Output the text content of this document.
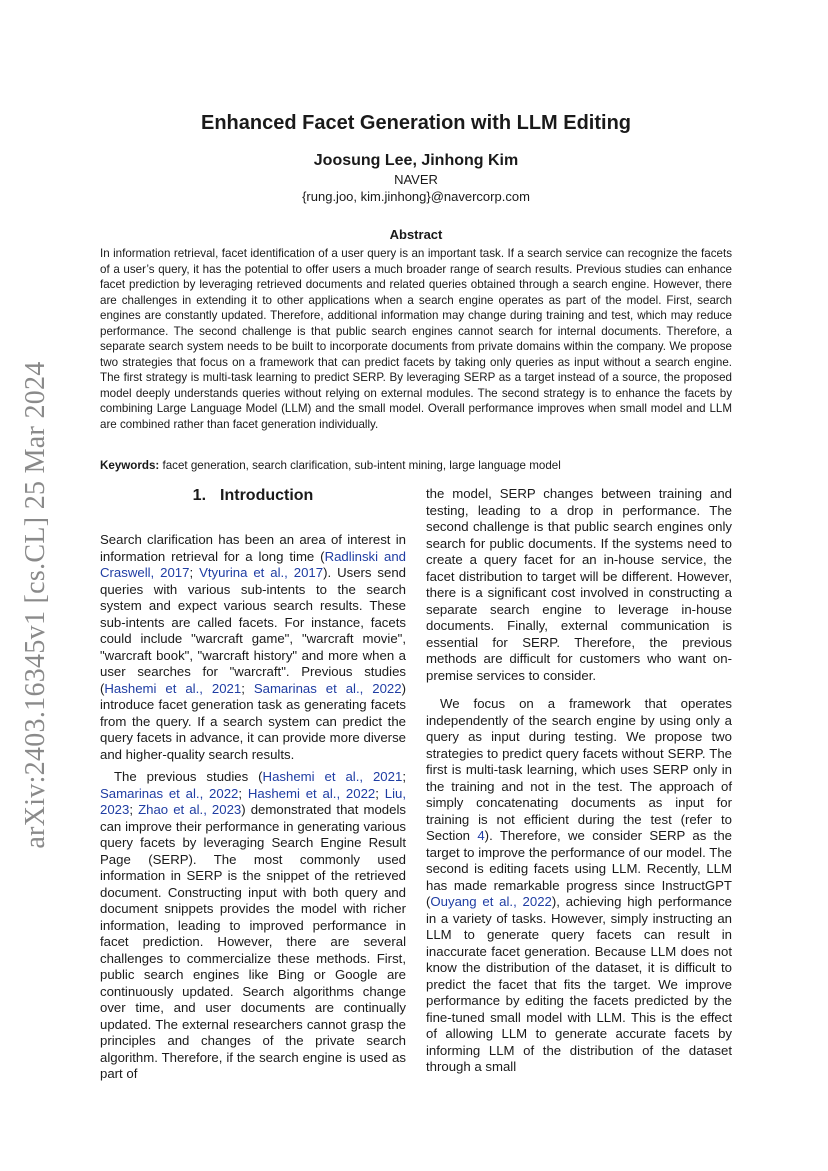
arXiv:2403.16345v1 [cs.CL] 25 Mar 2024
Enhanced Facet Generation with LLM Editing
Joosung Lee, Jinhong Kim
NAVER
{rung.joo, kim.jinhong}@navercorp.com
Abstract
In information retrieval, facet identification of a user query is an important task. If a search service can recognize the facets of a user’s query, it has the potential to offer users a much broader range of search results. Previous studies can enhance facet prediction by leveraging retrieved documents and related queries obtained through a search engine. However, there are challenges in extending it to other applications when a search engine operates as part of the model. First, search engines are constantly updated. Therefore, additional information may change during training and test, which may reduce performance. The second challenge is that public search engines cannot search for internal documents. Therefore, a separate search system needs to be built to incorporate documents from private domains within the company. We propose two strategies that focus on a framework that can predict facets by taking only queries as input without a search engine. The first strategy is multi-task learning to predict SERP. By leveraging SERP as a target instead of a source, the proposed model deeply understands queries without relying on external modules. The second strategy is to enhance the facets by combining Large Language Model (LLM) and the small model. Overall performance improves when small model and LLM are combined rather than facet generation individually.
Keywords: facet generation, search clarification, sub-intent mining, large language model
1. Introduction

Search clarification has been an area of interest in information retrieval for a long time (Radlinski and Craswell, 2017; Vtyurina et al., 2017). Users send queries with various sub-intents to the search system and expect various search results. These sub-intents are called facets. For instance, facets could include "warcraft game", "warcraft movie", "warcraft book", "warcraft history" and more when a user searches for "warcraft". Previous studies (Hashemi et al., 2021; Samarinas et al., 2022) introduce facet generation task as generating facets from the query. If a search system can predict the query facets in advance, it can provide more diverse and higher-quality search results.

The previous studies (Hashemi et al., 2021; Samarinas et al., 2022; Hashemi et al., 2022; Liu, 2023; Zhao et al., 2023) demonstrated that models can improve their performance in generating various query facets by leveraging Search Engine Result Page (SERP). The most commonly used information in SERP is the snippet of the retrieved document. Constructing input with both query and document snippets provides the model with richer information, leading to improved performance in facet prediction. However, there are several challenges to commercialize these methods. First, public search engines like Bing or Google are continuously updated. Search algorithms change over time, and user documents are continually updated. The external researchers cannot grasp the principles and changes of the private search algorithm. Therefore, if the search engine is used as part of

the model, SERP changes between training and testing, leading to a drop in performance. The second challenge is that public search engines only search for public documents. If the systems need to create a query facet for an in-house service, the facet distribution to target will be different. However, there is a significant cost involved in constructing a separate search engine to leverage in-house documents. Finally, external communication is essential for SERP. Therefore, the previous methods are difficult for customers who want on-premise services to consider.

We focus on a framework that operates independently of the search engine by using only a query as input during testing. We propose two strategies to predict query facets without SERP. The first is multi-task learning, which uses SERP only in the training and not in the test. The approach of simply concatenating documents as input for training is not efficient during the test (refer to Section 4). Therefore, we consider SERP as the target to improve the performance of our model. The second is editing facets using LLM. Recently, LLM has made remarkable progress since InstructGPT (Ouyang et al., 2022), achieving high performance in a variety of tasks. However, simply instructing an LLM to generate query facets can result in inaccurate facet generation. Because LLM does not know the distribution of the dataset, it is difficult to predict the facet that fits the target. We improve performance by editing the facets predicted by the fine-tuned small model with LLM. This is the effect of allowing LLM to generate accurate facets by informing LLM of the distribution of the dataset through a small
